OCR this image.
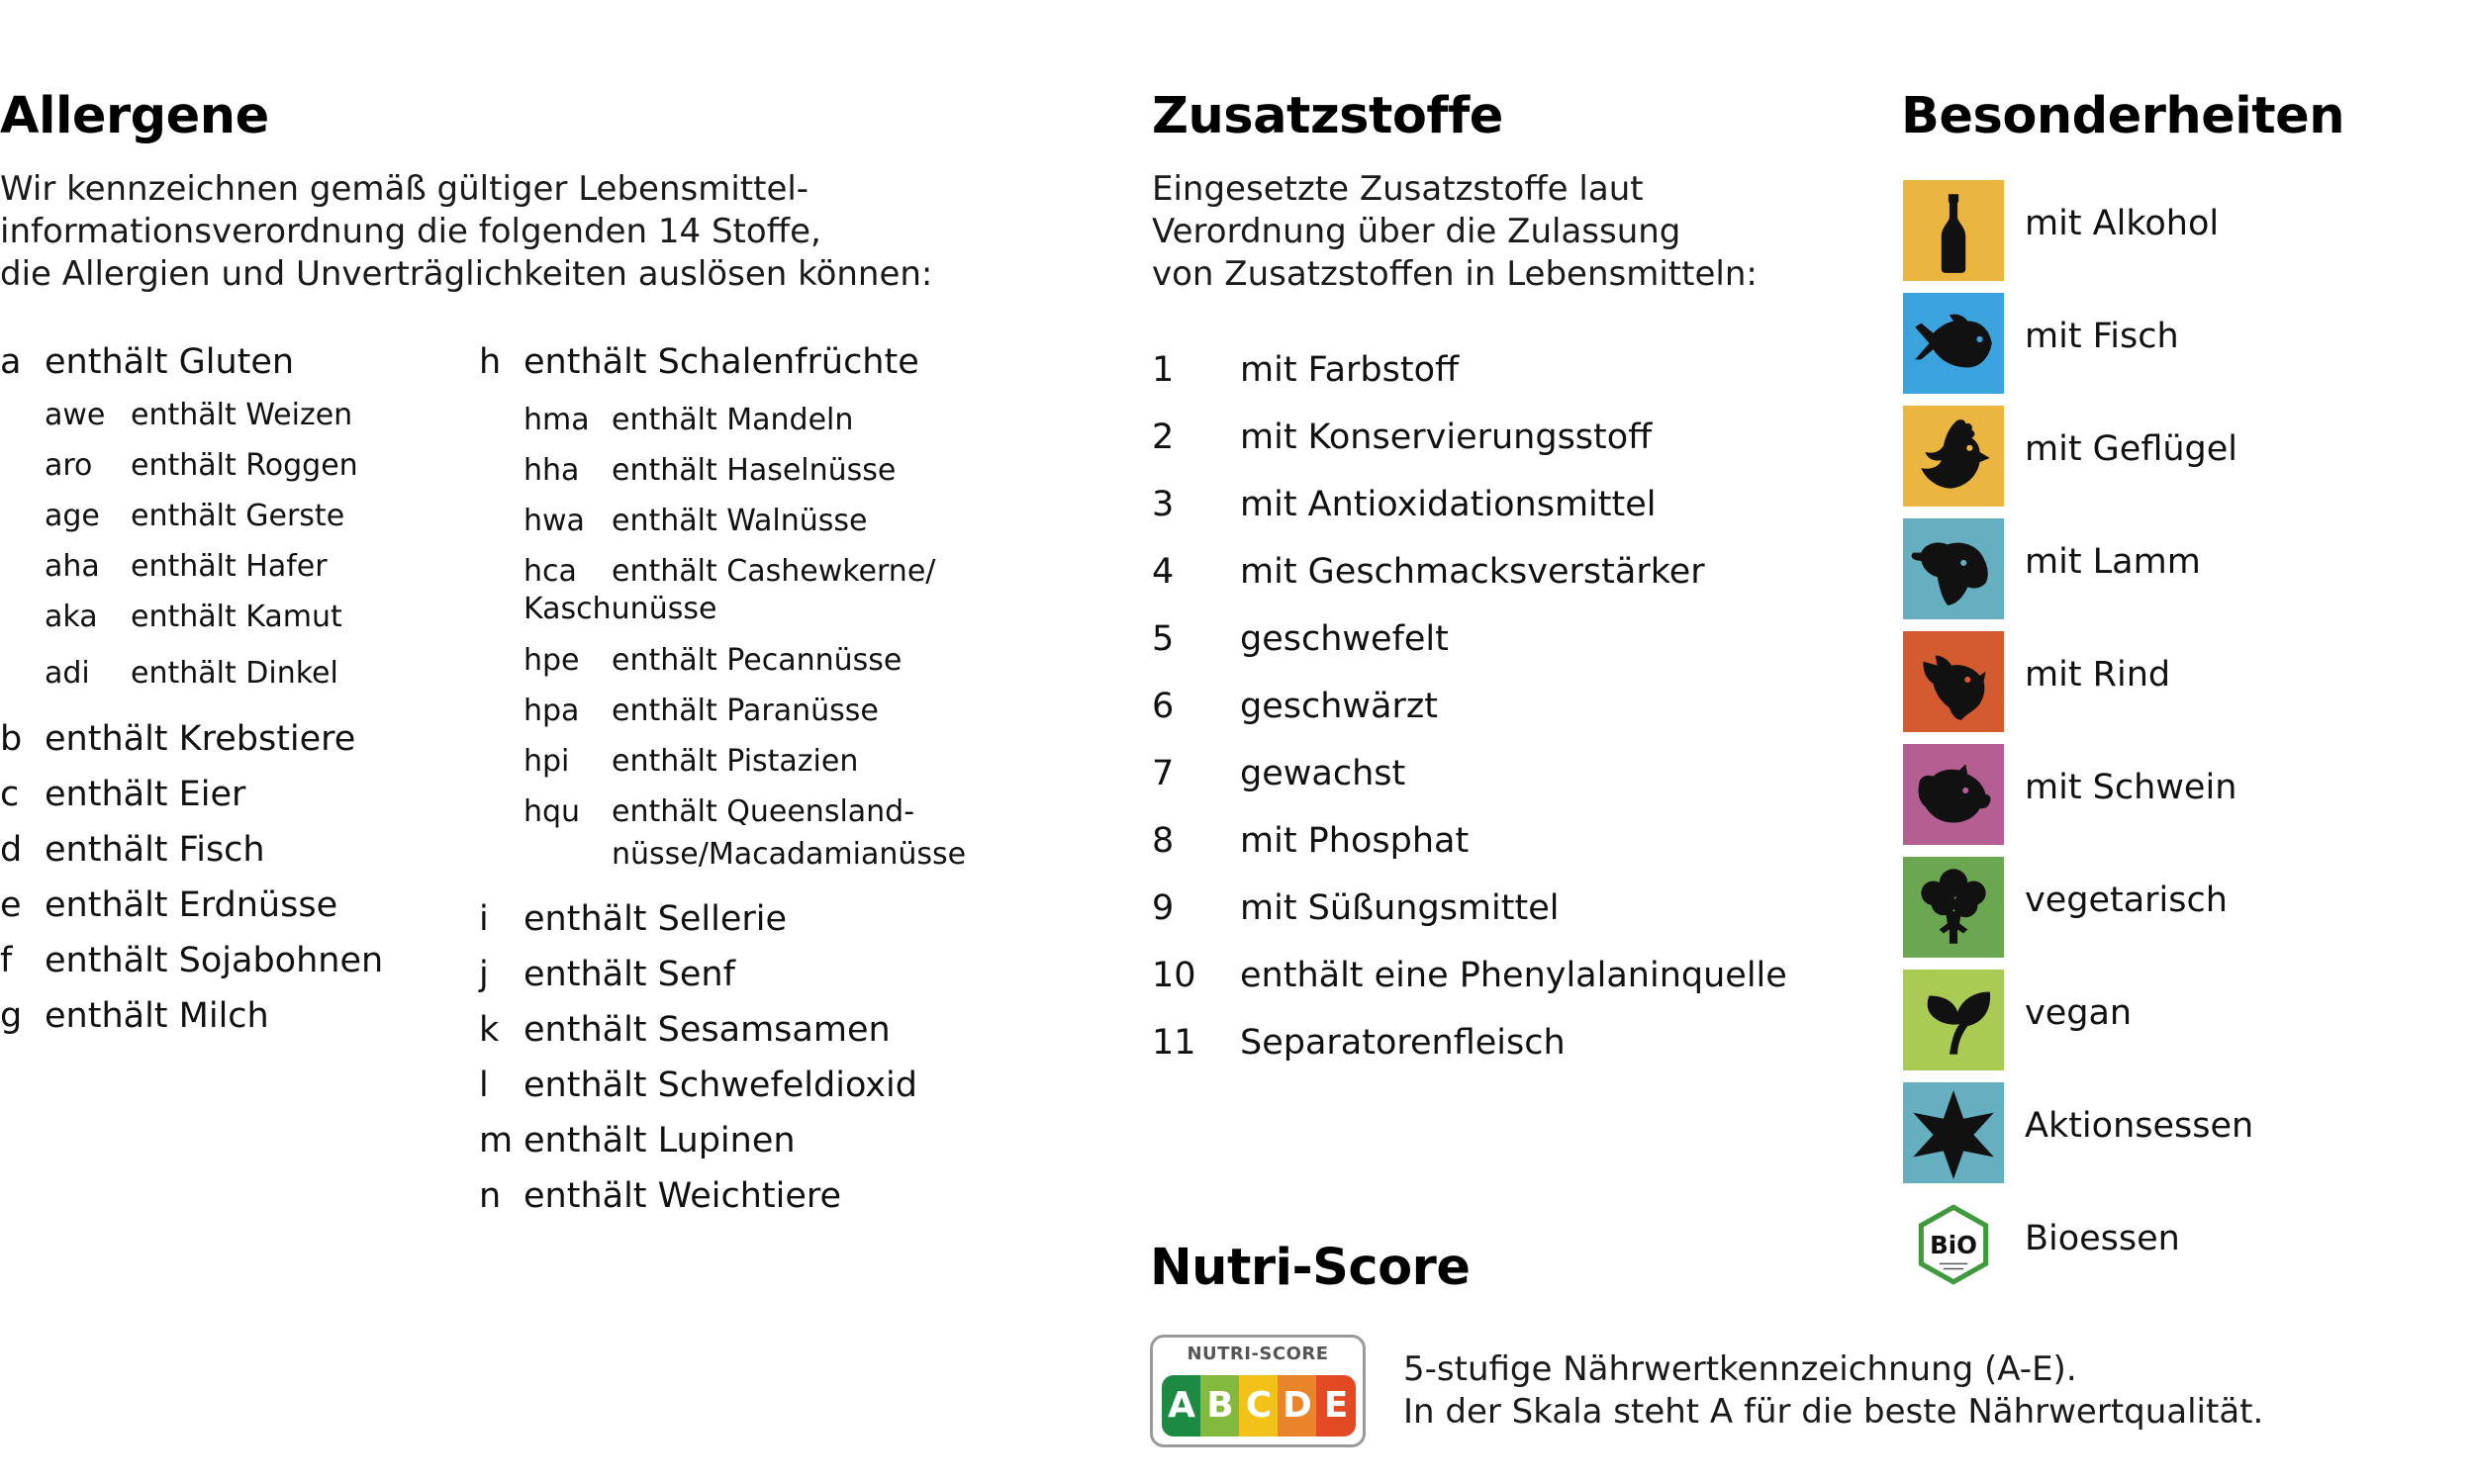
Allergene
Wir kennzeichnen gemäß gültiger Lebensmittel-
informationsverordnung die folgenden 14 Stoffe,
die Allergien und Unverträglichkeiten auslösen können:
a enthält Gluten
awe enthält Weizen
aro enthält Roggen
age enthält Gerste
aha enthält Hafer
aka enthält Kamut
adi enthält Dinkel
b enthält Krebstiere
c enthält Eier
d enthält Fisch
e enthält Erdnüsse
f enthält Sojabohnen
g enthält Milch
h enthält Schalenfrüchte
hma enthält Mandeln
hha enthält Haselnüsse
hwa enthält Walnüsse
hca enthält Cashewkerne/
Kaschunüsse
hpe enthält Pecannüsse
hpa enthält Paranüsse
hpi enthält Pistazien
hqu enthält Queensland-
nüsse/Macadamianüsse
i enthält Sellerie
j enthält Senf
k enthält Sesamsamen
l enthält Schwefeldioxid
m enthält Lupinen
n enthält Weichtiere
Zusatzstoffe
Eingesetzte Zusatzstoffe laut
Verordnung über die Zulassung
von Zusatzstoffen in Lebensmitteln:
1 mit Farbstoff
2 mit Konservierungsstoff
3 mit Antioxidationsmittel
4 mit Geschmacksverstärker
5 geschwefelt
6 geschwärzt
7 gewachst
8 mit Phosphat
9 mit Süßungsmittel
10 enthält eine Phenylalaninquelle
11 Separatorenfleisch
Besonderheiten
BiO
mit Alkohol
mit Fisch
mit Geflügel
mit Lamm
mit Rind
mit Schwein
vegetarisch
vegan
Aktionsessen
Bioessen
Nutri-Score
NUTRI-SCORE
A B C D E
5-stufige Nährwertkennzeichnung (A-E).
In der Skala steht A für die beste Nährwertqualität.
